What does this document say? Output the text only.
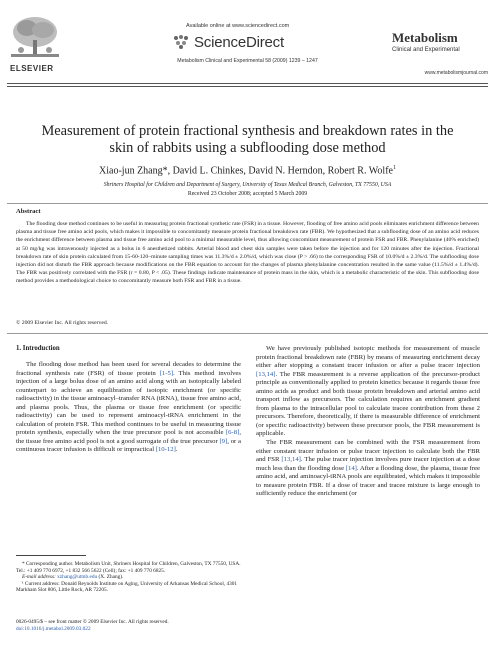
ELSEVIER
Available online at www.sciencedirect.com
ScienceDirect
Metabolism Clinical and Experimental 58 (2009) 1239 – 1247
Metabolism
Clinical and Experimental
www.metabolismjournal.com
Measurement of protein fractional synthesis and breakdown rates in the skin of rabbits using a subflooding dose method
Xiao-jun Zhang*, David L. Chinkes, David N. Herndon, Robert R. Wolfe$^1$
Shriners Hospital for Children and Department of Surgery, University of Texas Medical Branch, Galveston, TX 77550, USA
Received 23 October 2008; accepted 5 March 2009
Abstract
The flooding dose method continues to be useful in measuring protein fractional synthetic rate (FSR) in a tissue. However, flooding of free amino acid pools eliminates enrichment difference between plasma and tissue free amino acid pools, which makes it impossible to concomitantly measure protein fractional breakdown rate (FBR). We hypothesized that a subflooding dose of an amino acid reduces the enrichment difference between plasma and tissue free amino acid pool to a minimal measurable level, thus allowing concomitant measurement of protein FSR and FBR. Phenylalanine (40% enriched) at 50 mg/kg was intravenously injected as a bolus in 6 anesthetized rabbits. Arterial blood and chest skin samples were taken before the injection and for 120 minutes after the injection. Fractional breakdown rate of skin protein calculated from 15-60-120–minute sampling times was 11.3%/d ± 2.0%/d, which was close (P > .66) to the corresponding FSR of 10.0%/d ± 2.3%/d. The subflooding dose injection did not disturb the FBR approach because modifications on the FBR equation to account for the changes of plasma phenylalanine concentration resulted in the same value (11.5%/d ± 1.4%/d). The FBR was positively correlated with the FSR (r = 0.80, P < .05). These findings indicate maintenance of protein mass in the skin, which is a metabolic characteristic of the skin. This subflooding dose method provides a methodological choice to concomitantly measure both FSR and FBR in a tissue.
© 2009 Elsevier Inc. All rights reserved.
1. Introduction

The flooding dose method has been used for several decades to determine the fractional synthesis rate (FSR) of tissue protein [1-5]. This method involves injection of a large bolus dose of an amino acid along with an isotopically labeled counterpart to achieve an equilibration of isotopic enrichment (or specific radioactivity) in the tissue aminoacyl–transfer RNA (tRNA), tissue free amino acid, and plasma pools. Thus, the plasma or tissue free enrichment (or specific radioactivity) can be used to represent aminoacyl-tRNA enrichment in the calculation of protein FSR. This method continues to be useful in measuring tissue protein synthesis, especially when the true precursor pool is not accessible [6-8], the tissue free amino acid pool is not a good surrogate of the true precursor [9], or a continuous tracer infusion is difficult or impractical [10-12].

* Corresponding author. Metabolism Unit, Shriners Hospital for Children, Galveston, TX 77550, USA. Tel.: +1 409 770 6972, +1 832 566 5622 (Cell); fax: +1 409 770 6825.

E-mail address: xzhang@utmb.edu (X. Zhang).

¹ Current address: Donald Reynolds Institute on Aging, University of Arkansas Medical School, 4301 Markham Slot 806, Little Rock, AR 72205.

We have previously published isotopic methods for measurement of muscle protein fractional breakdown rate (FBR) by means of measuring enrichment decay either after stopping a constant tracer infusion or after a pulse tracer injection [13,14]. The FBR measurement is a reverse application of the precursor-product principle as conventionally applied to protein kinetics because it regards tissue free amino acids as product and both tissue protein breakdown and arterial amino acid transport inflow as precursors. The calculation requires an enrichment gradient from plasma to the intracellular pool to calculate tracee contribution from these 2 precursors. Therefore, theoretically, if there is measurable difference of enrichment (or specific radioactivity) between these precursor pools, the FBR measurement is applicable.

The FBR measurement can be combined with the FSR measurement from either constant tracer infusion or pulse tracer injection to calculate both the FBR and FSR [13,14]. The pulse tracer injection involves pure tracer injection at a dose much less than the flooding dose [14]. After a flooding dose, the plasma, tissue free amino acid, and aminoacyl-tRNA pools are equilibrated, which makes it impossible to measure protein FBR. If a dose of tracer and tracee mixture is large enough to sufficiently reduce the enrichment (or

0026-0495/$ – see front matter © 2009 Elsevier Inc. All rights reserved.
doi:10.1016/j.metabol.2009.03.022
